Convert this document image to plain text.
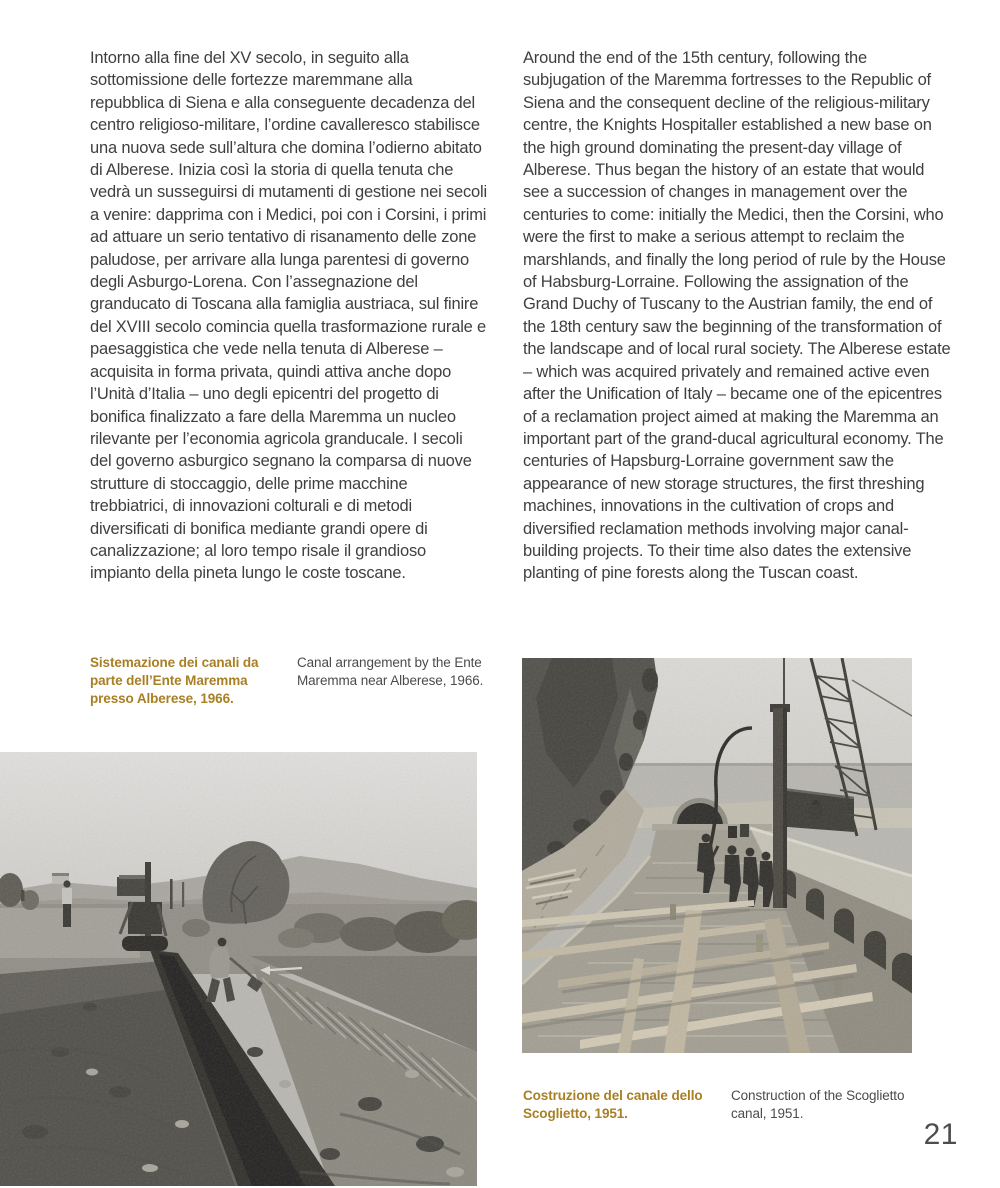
Intorno alla fine del XV secolo, in seguito alla sottomissione delle fortezze maremmane alla repubblica di Siena e alla conseguente decadenza del centro religioso-militare, l’ordine cavalleresco stabilisce una nuova sede sull’altura che domina l’odierno abitato di Alberese. Inizia così la storia di quella tenuta che vedrà un susseguirsi di mutamenti di gestione nei secoli a venire: dapprima con i Medici, poi con i Corsini, i primi ad attuare un serio tentativo di risanamento delle zone paludose, per arrivare alla lunga parentesi di governo degli Asburgo-Lorena. Con l’assegnazione del granducato di Toscana alla famiglia austriaca, sul finire del XVIII secolo comincia quella trasformazione rurale e paesaggistica che vede nella tenuta di Alberese – acquisita in forma privata, quindi attiva anche dopo l’Unità d’Italia – uno degli epicentri del progetto di bonifica finalizzato a fare della Maremma un nucleo rilevante per l’economia agricola granducale. I secoli del governo asburgico segnano la comparsa di nuove strutture di stoccaggio, delle prime macchine trebbiatrici, di innovazioni colturali e di metodi diversificati di bonifica mediante grandi opere di canalizzazione; al loro tempo risale il grandioso impianto della pineta lungo le coste toscane.
Around the end of the 15th century, following the subjugation of the Maremma fortresses to the Republic of Siena and the consequent decline of the religious-military centre, the Knights Hospitaller established a new base on the high ground dominating the present-day village of Alberese. Thus began the history of an estate that would see a succession of changes in management over the centuries to come: initially the Medici, then the Corsini, who were the first to make a serious attempt to reclaim the marshlands, and finally the long period of rule by the House of Habsburg-Lorraine. Following the assignation of the Grand Duchy of Tuscany to the Austrian family, the end of the 18th century saw the beginning of the transformation of the landscape and of local rural society. The Alberese estate – which was acquired privately and remained active even after the Unification of Italy – became one of the epicentres of a reclamation project aimed at making the Maremma an important part of the grand-ducal agricultural economy. The centuries of Hapsburg-Lorraine government saw the appearance of new storage structures, the first threshing machines, innovations in the cultivation of crops and diversified reclamation methods involving major canal-building projects. To their time also dates the extensive planting of pine forests along the Tuscan coast.
Sistemazione dei canali da parte dell’Ente Maremma presso Alberese, 1966.
Canal arrangement by the Ente Maremma near Alberese, 1966.
Costruzione del canale dello Scoglietto, 1951.
Construction of the Scoglietto canal, 1951.
21
